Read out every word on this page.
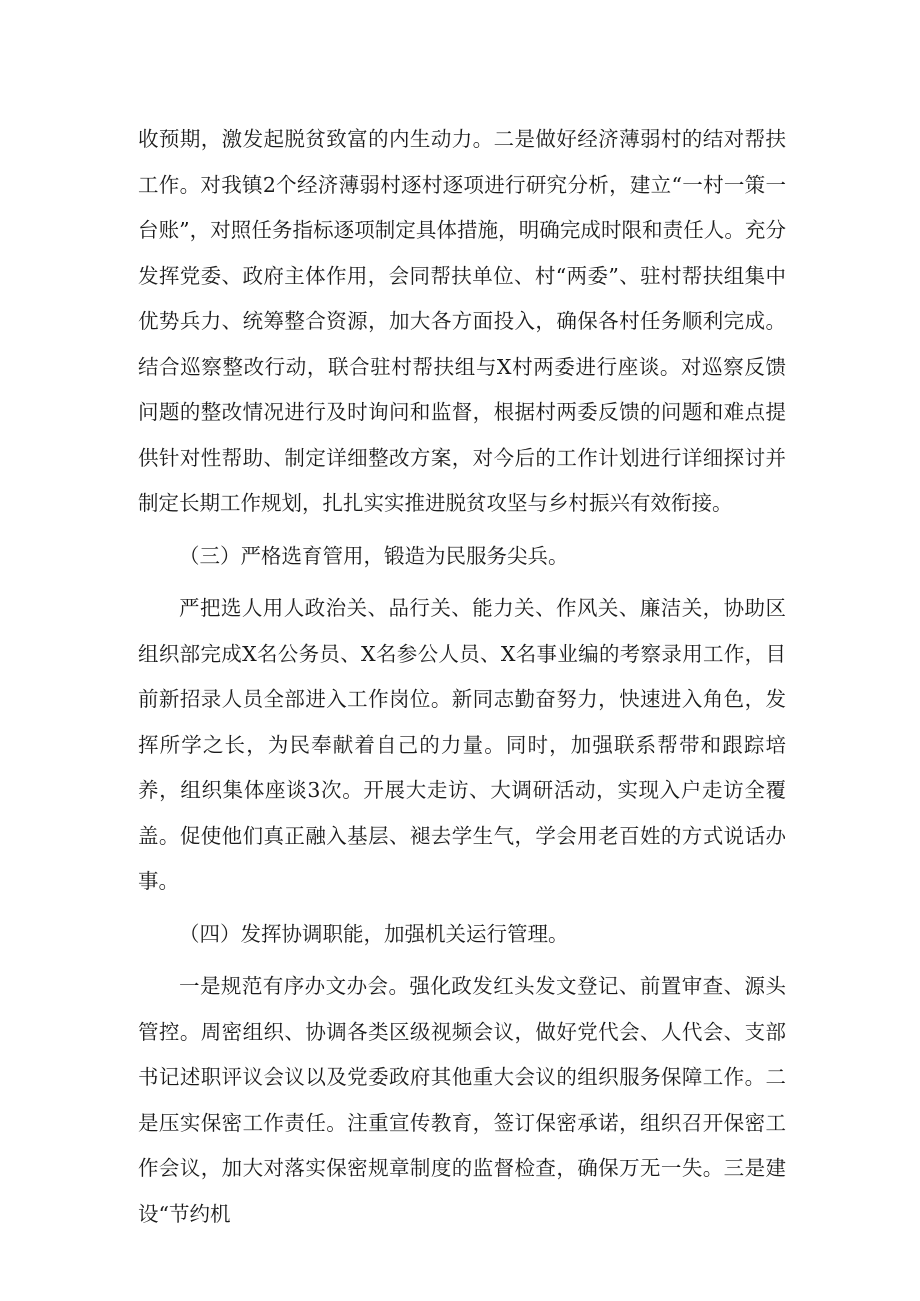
收预期，激发起脱贫致富的内生动力。二是做好经济薄弱村的结对帮扶工作。对我镇2个经济薄弱村逐村逐项进行研究分析，建立“一村一策一台账”，对照任务指标逐项制定具体措施，明确完成时限和责任人。充分发挥党委、政府主体作用，会同帮扶单位、村“两委”、驻村帮扶组集中优势兵力、统筹整合资源，加大各方面投入，确保各村任务顺利完成。结合巡察整改行动，联合驻村帮扶组与X村两委进行座谈。对巡察反馈问题的整改情况进行及时询问和监督，根据村两委反馈的问题和难点提供针对性帮助、制定详细整改方案，对今后的工作计划进行详细探讨并制定长期工作规划，扎扎实实推进脱贫攻坚与乡村振兴有效衔接。

（三）严格选育管用，锻造为民服务尖兵。

严把选人用人政治关、品行关、能力关、作风关、廉洁关，协助区组织部完成X名公务员、X名参公人员、X名事业编的考察录用工作，目前新招录人员全部进入工作岗位。新同志勤奋努力，快速进入角色，发挥所学之长，为民奉献着自己的力量。同时，加强联系帮带和跟踪培养，组织集体座谈3次。开展大走访、大调研活动，实现入户走访全覆盖。促使他们真正融入基层、褪去学生气，学会用老百姓的方式说话办事。

（四）发挥协调职能，加强机关运行管理。

一是规范有序办文办会。强化政发红头发文登记、前置审查、源头管控。周密组织、协调各类区级视频会议，做好党代会、人代会、支部书记述职评议会议以及党委政府其他重大会议的组织服务保障工作。二是压实保密工作责任。注重宣传教育，签订保密承诺，组织召开保密工作会议，加大对落实保密规章制度的监督检查，确保万无一失。三是建设“节约机
